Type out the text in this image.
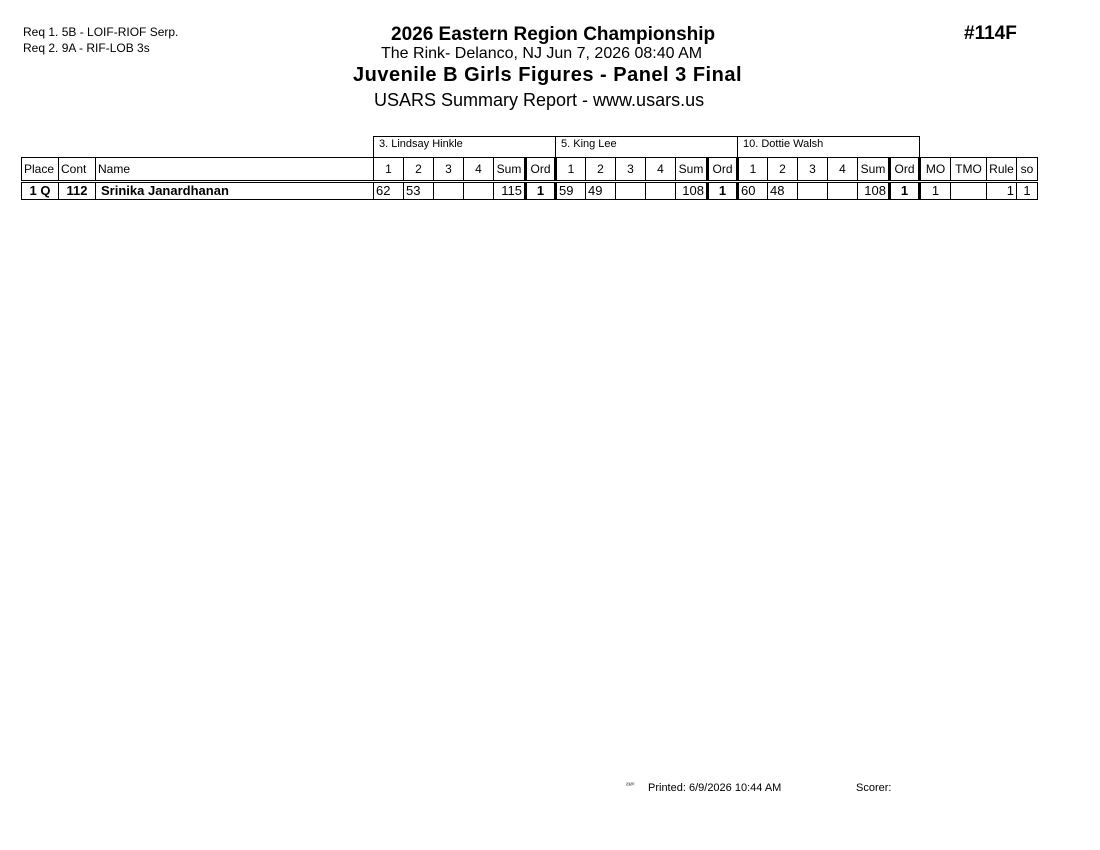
Req 1. 5B - LOIF-RIOF Serp.
Req 2. 9A - RIF-LOB 3s
2026 Eastern Region Championship
The Rink- Delanco, NJ Jun 7, 2026 08:40 AM
Juvenile B Girls Figures - Panel 3 Final
USARS Summary Report - www.usars.us
#114F
			3. Lindsay Hinkle						5. King Lee						10. Dottie Walsh									
Place	Cont	Name	1	2	3	4	Sum	Ord	1	2	3	4	Sum	Ord	1	2	3	4	Sum	Ord	MO	TMO	Rule	so
1 Q	112	Srinika Janardhanan	62	53			115	1	59	49			108	1	60	48			108	1	1		1	1
²³²⁰ Printed: 6/9/2026 10:44 AM	Scorer:
